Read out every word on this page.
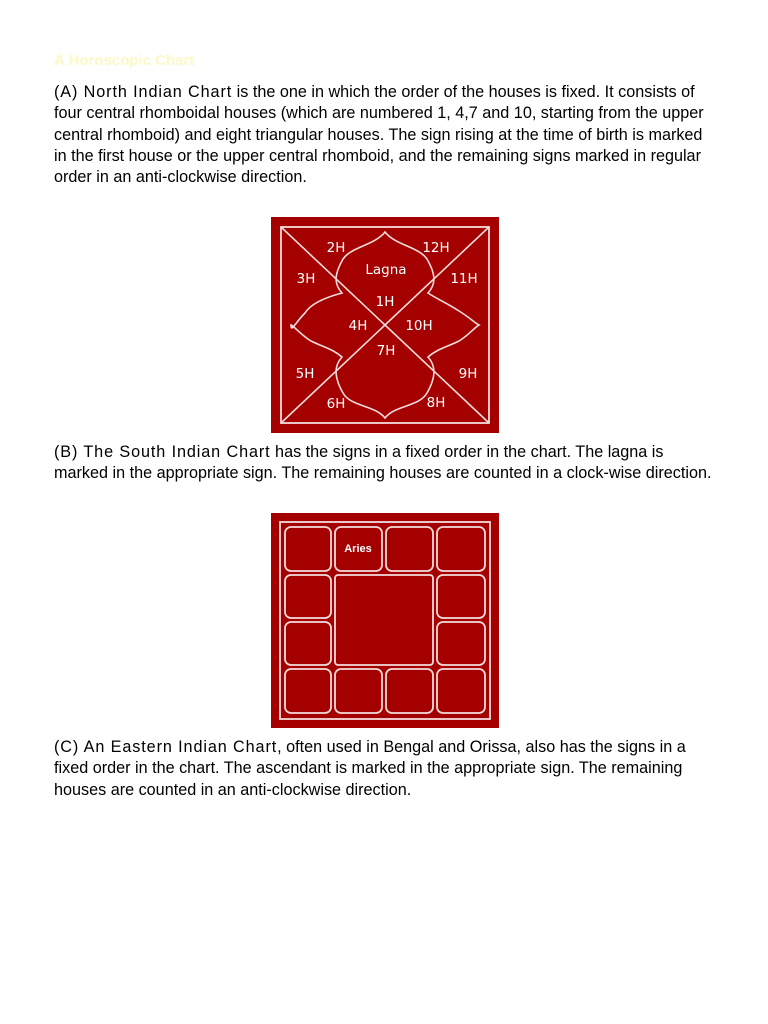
A Horoscopic Chart

(A) North Indian Chart is the one in which the order of the houses is fixed. It consists of four central rhomboidal houses (which are numbered 1, 4,7 and 10, starting from the upper central rhomboid) and eight triangular houses. The sign rising at the time of birth is marked in the first house or the upper central rhomboid, and the remaining signs marked in regular order in an anti-clockwise direction.

2H	12H
Lagna
3H	11H
1H
4H	10H
7H
5H	9H
6H	8H

(B) The South Indian Chart has the signs in a fixed order in the chart. The lagna is marked in the appropriate sign. The remaining houses are counted in a clock-wise direction.

Aries

(C) An Eastern Indian Chart, often used in Bengal and Orissa, also has the signs in a fixed order in the chart. The ascendant is marked in the appropriate sign. The remaining houses are counted in an anti-clockwise direction.
